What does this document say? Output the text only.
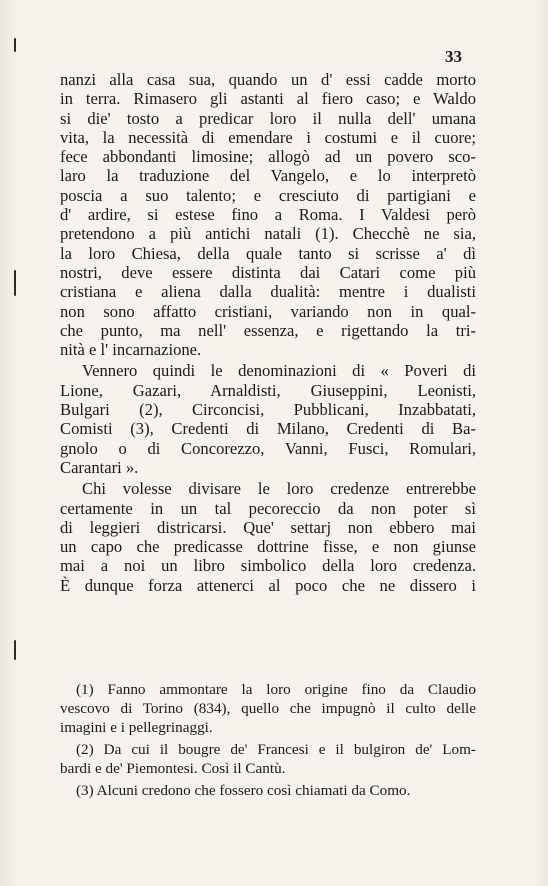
33
nanzi alla casa sua, quando un d' essi cadde morto
in terra. Rimasero gli astanti al fiero caso; e Waldo
si die' tosto a predicar loro il nulla dell' umana
vita, la necessità di emendare i costumi e il cuore;
fece abbondanti limosine; allogò ad un povero sco-
laro la traduzione del Vangelo, e lo interpretò
poscia a suo talento; e cresciuto di partigiani e
d' ardire, si estese fino a Roma. I Valdesi però
pretendono a più antichi natali (1). Checchè ne sia,
la loro Chiesa, della quale tanto si scrisse a' dì
nostri, deve essere distinta dai Catari come più
cristiana e aliena dalla dualità: mentre i dualisti
non sono affatto cristiani, variando non in qual-
che punto, ma nell' essenza, e rigettando la tri-
nità e l' incarnazione.
Vennero quindi le denominazioni di « Poveri di
Lione, Gazari, Arnaldisti, Giuseppini, Leonisti,
Bulgari (2), Circoncisi, Pubblicani, Inzabbatati,
Comisti (3), Credenti di Milano, Credenti di Ba-
gnolo o di Concorezzo, Vanni, Fusci, Romulari,
Carantari ».
Chi volesse divisare le loro credenze entrerebbe
certamente in un tal pecoreccio da non poter sì
di leggieri districarsi. Que' settarj non ebbero mai
un capo che predicasse dottrine fisse, e non giunse
mai a noi un libro simbolico della loro credenza.
È dunque forza attenerci al poco che ne dissero i
(1) Fanno ammontare la loro origine fino da Claudio
vescovo di Torino (834), quello che impugnò il culto delle
imagini e i pellegrinaggi.
(2) Da cui il bougre de' Francesi e il bulgiron de' Lom-
bardi e de' Piemontesi. Così il Cantù.
(3) Alcuni credono che fossero così chiamati da Como.
